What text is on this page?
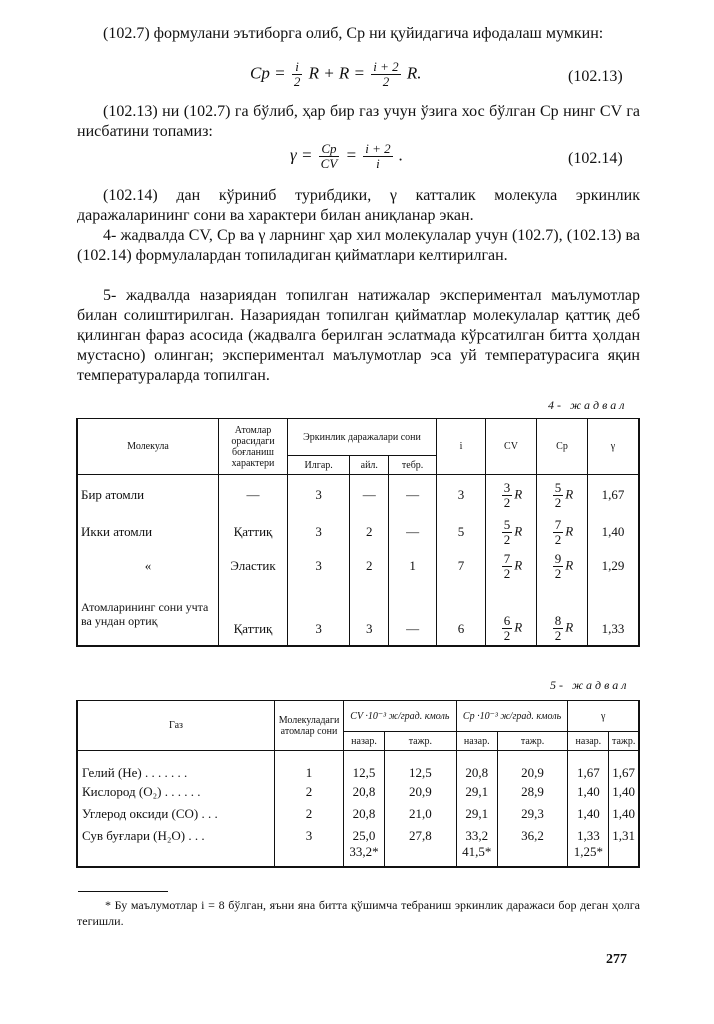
(102.7) формулани эътиборга олиб, Cp ни қуйидагича ифодалаш мумкин:

$Cp = \frac{i}{2}$ $R + R = \frac{i + 2}{2} R$.	(102.13)

(102.13) ни (102.7) га бўлиб, ҳар бир газ учун ўзига хос бўлган Cp нинг CV га нисбатини топамиз:

$\gamma = \frac{Cp}{CV} = \frac{i + 2}{i}$ .	(102.14)

(102.14) дан кўриниб турибдики, γ катталик молекула эркинлик даражаларининг сони ва характери билан аниқланар экан.

4- жадвалда CV, Cp ва γ ларнинг ҳар хил молекулалар учун (102.7), (102.13) ва (102.14) формулалардан топиладиган қийматлари келтирилган.

5- жадвалда назариядан топилган натижалар экспериментал маълумотлар билан солиштирилган. Назариядан топилган қийматлар молекулалар қаттиқ деб қилинган фараз асосида (жадвалга берилган эслатмада кўрсатилган битта ҳолдан мустасно) олинган; экспериментал маълумотлар эса уй температурасига яқин температураларда топилган.

4- жадвал
Молекула	Атомлар орасидаги боғланиш характери	Эркинлик даражалари сони			i	CV	Cp	γ
		Илгар.	айл.	тебр.				
Бир атомли	—	3	—	—	3	$\frac{3}{2}$ R	$\frac{5}{2}$ R	1,67
Икки атомли	Қаттиқ	3	2	—	5	$\frac{5}{2}$ R	$\frac{7}{2}$ R	1,40
«	Эластик	3	2	1	7	$\frac{7}{2}$ R	$\frac{9}{2}$ R	1,29
Атомларининг сони учта ва ундан ортиқ	Қаттиқ	3	3	—	6	$\frac{6}{2}$ R	$\frac{8}{2}$ R	1,33
5- жадвал
Газ	Молекуладаги атомлар сони	CV ·10⁻³ ж/град. кмоль		Cp ·10⁻³ ж/град. кмоль		γ	
		назар.	тажр.	назар.	тажр.	назар.	тажр.
Гелий (Не) . . . . . . .	1	12,5	12,5	20,8	20,9	1,67	1,67
Кислород (O₂) . . . . . .	2	20,8	20,9	29,1	28,9	1,40	1,40
Углерод оксиди (СО) . . .	2	20,8	21,0	29,1	29,3	1,40	1,40
Сув буғлари (H₂O) . . .	3	25,0 33,2*	27,8	33,2 41,5*	36,2	1,33 1,25*	1,31

* Бу маълумотлар i = 8 бўлган, яъни яна битта қўшимча тебраниш эркинлик даражаси бор деган ҳолга тегишли.

277
